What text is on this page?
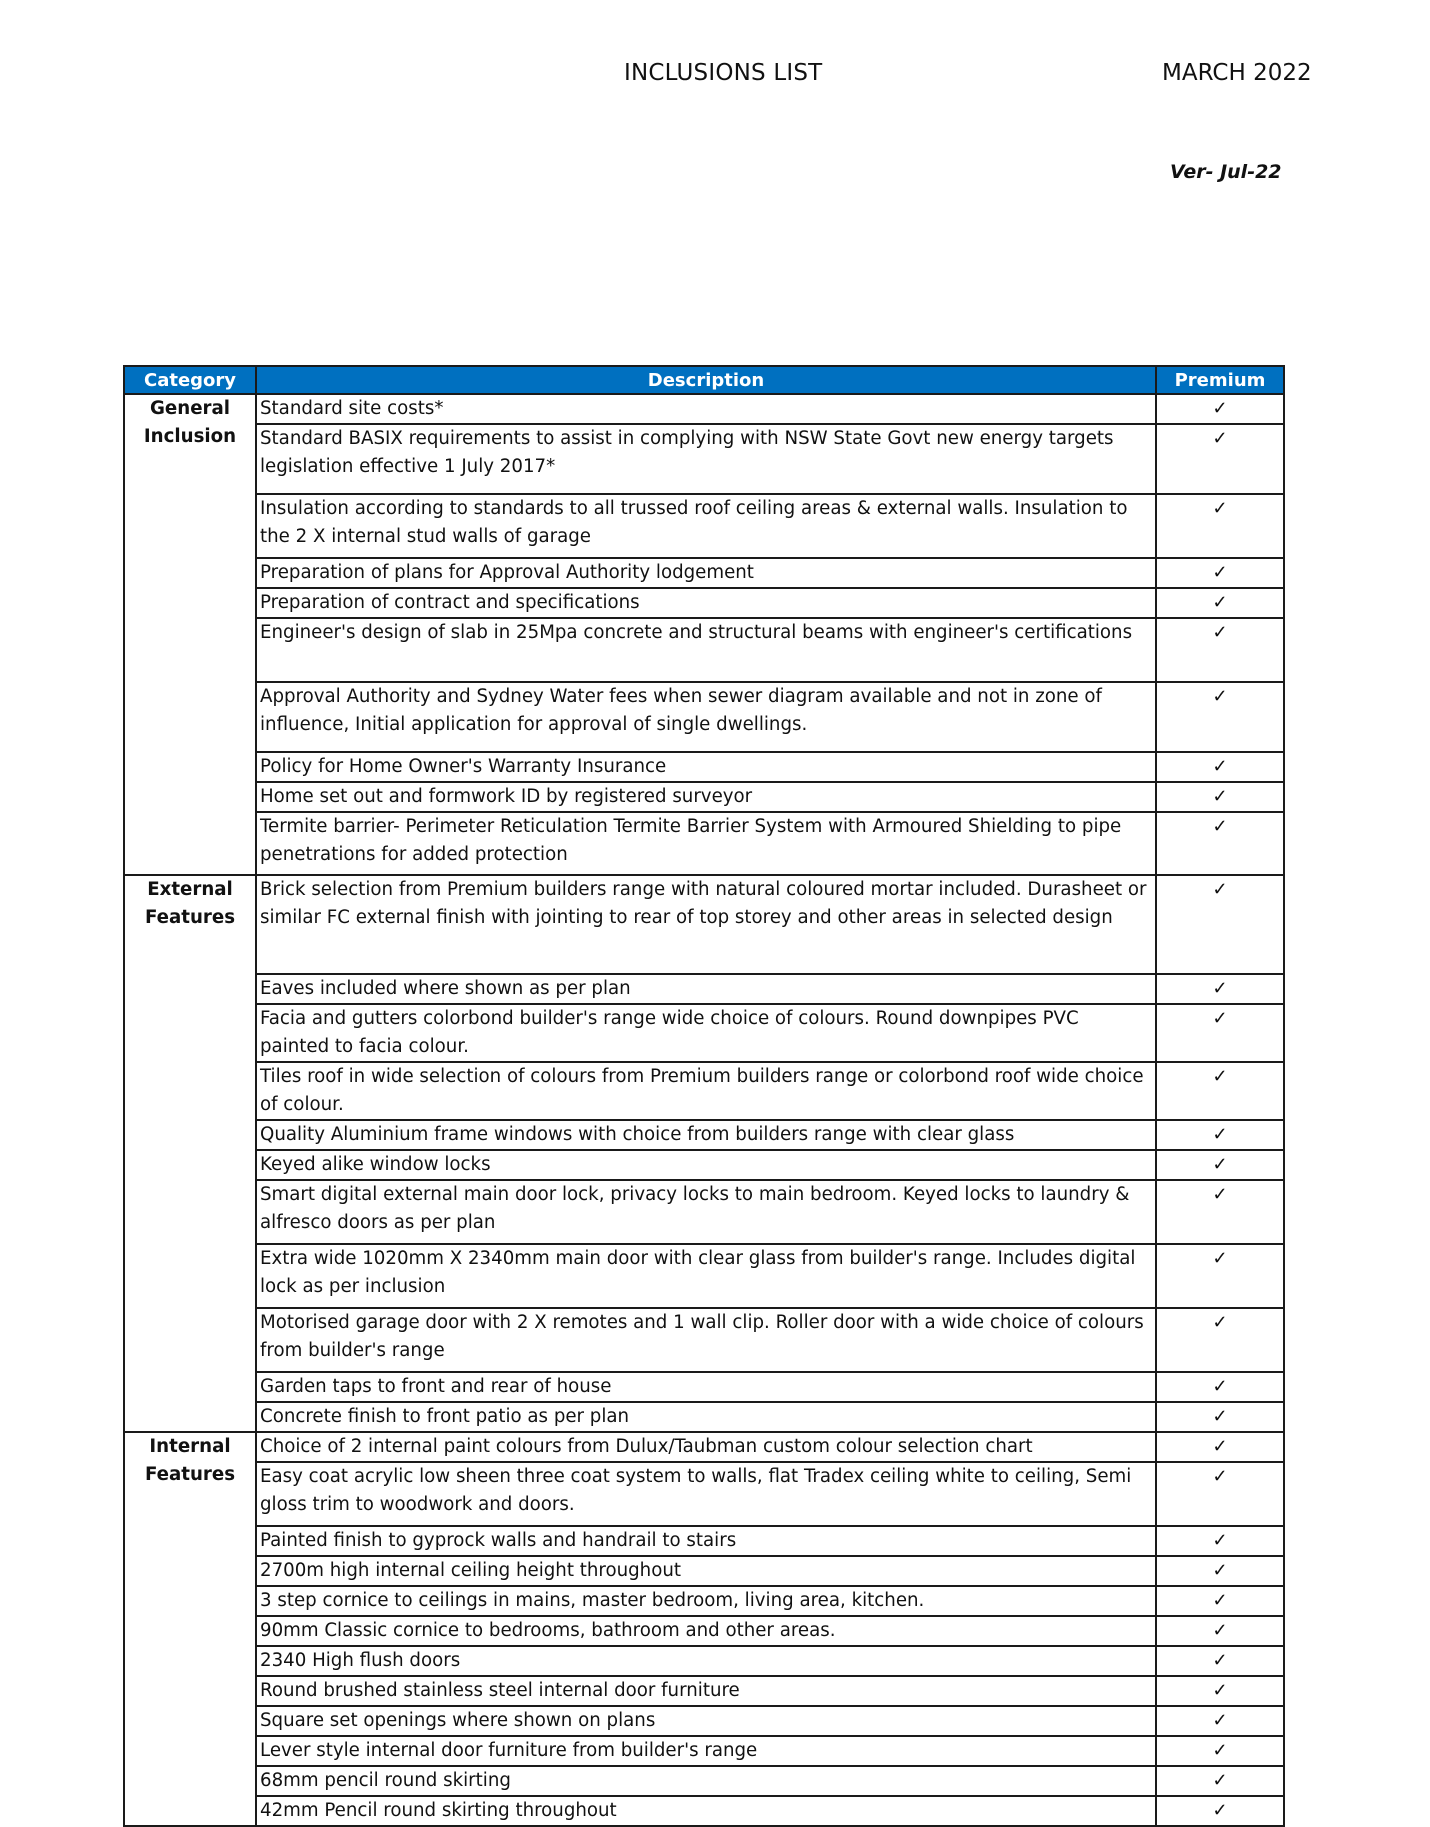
INCLUSIONS LIST	MARCH 2022
Ver- Jul-22
Category	Description	Premium
General
Inclusion	Standard site costs*	✓
	Standard BASIX requirements to assist in complying with NSW State Govt new energy targets legislation effective 1 July 2017*	✓
	Insulation according to standards to all trussed roof ceiling areas & external walls. Insulation to the 2 X internal stud walls of garage	✓
	Preparation of plans for Approval Authority lodgement	✓
	Preparation of contract and specifications	✓
	Engineer's design of slab in 25Mpa concrete and structural beams with engineer's certifications	✓
	Approval Authority and Sydney Water fees when sewer diagram available and not in zone of influence, Initial application for approval of single dwellings.	✓
	Policy for Home Owner's Warranty Insurance	✓
	Home set out and formwork ID by registered surveyor	✓
	Termite barrier- Perimeter Reticulation Termite Barrier System with Armoured Shielding to pipe penetrations for added protection	✓
External
Features	Brick selection from Premium builders range with natural coloured mortar included. Durasheet or similar FC external finish with jointing to rear of top storey and other areas in selected design	✓
	Eaves included where shown as per plan	✓
	Facia and gutters colorbond builder's range wide choice of colours. Round downpipes PVC painted to facia colour.	✓
	Tiles roof in wide selection of colours from Premium builders range or colorbond roof wide choice of colour.	✓
	Quality Aluminium frame windows with choice from builders range with clear glass	✓
	Keyed alike window locks	✓
	Smart digital external main door lock, privacy locks to main bedroom. Keyed locks to laundry & alfresco doors as per plan	✓
	Extra wide 1020mm X 2340mm main door with clear glass from builder's range. Includes digital lock as per inclusion	✓
	Motorised garage door with 2 X remotes and 1 wall clip. Roller door with a wide choice of colours from builder's range	✓
	Garden taps to front and rear of house	✓
	Concrete finish to front patio as per plan	✓
Internal
Features	Choice of 2 internal paint colours from Dulux/Taubman custom colour selection chart	✓
	Easy coat acrylic low sheen three coat system to walls, flat Tradex ceiling white to ceiling, Semi gloss trim to woodwork and doors.	✓
	Painted finish to gyprock walls and handrail to stairs	✓
	2700m high internal ceiling height throughout	✓
	3 step cornice to ceilings in mains, master bedroom, living area, kitchen.	✓
	90mm Classic cornice to bedrooms, bathroom and other areas.	✓
	2340 High flush doors	✓
	Round brushed stainless steel internal door furniture	✓
	Square set openings where shown on plans	✓
	Lever style internal door furniture from builder's range	✓
	68mm pencil round skirting	✓
	42mm Pencil round skirting throughout	✓
